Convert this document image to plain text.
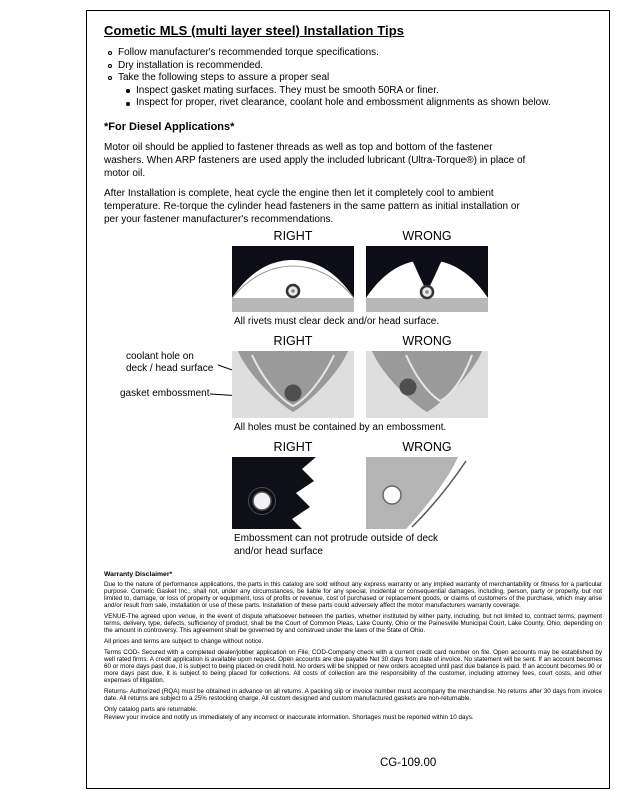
Cometic MLS (multi layer steel) Installation Tips
Follow manufacturer's recommended torque specifications.
Dry installation is recommended.
Take the following steps to assure a proper seal
Inspect gasket mating surfaces. They must be smooth 50RA or finer.
Inspect for proper, rivet clearance, coolant hole and embossment alignments as shown below.
*For Diesel Applications*

Motor oil should be applied to fastener threads as well as top and bottom of the fastener washers. When ARP fasteners are used apply the included lubricant (Ultra-Torque®) in place of motor oil.

After Installation is complete, heat cycle the engine then let it completely cool to ambient temperature. Re-torque the cylinder head fasteners in the same pattern as initial installation or per your fastener manufacturer's recommendations.

RIGHT	WRONG
All rivets must clear deck and/or head surface.
RIGHT	WRONG
coolant hole on
deck / head surface
gasket embossment
All holes must be contained by an embossment.
RIGHT	WRONG
Embossment can not protrude outside of deck
and/or head surface
Warranty Disclaimer*

Due to the nature of performance applications, the parts in this catalog are sold without any express warranty or any implied warranty of merchantability or fitness for a particular purpose. Cometic Gasket Inc., shall not, under any circumstances, be liable for any special, incidental or consequential damages, including, person, party or property, but not limited to, damage, or loss of property or equipment, loss of profits or revenue, cost of purchased or replacement goods, or claims of customers of the purchase, which may arise and/or result from sale, installation or use of these parts. Installation of these parts could adversely affect the motor manufacturers warranty coverage.

VENUE-The agreed upon venue, in the event of dispute whatsoever between the parties, whether instituted by either party, including, but not limited to, contract terms, payment terms, delivery, type, defects, sufficiency of product, shall be the Court of Common Pleas, Lake County, Ohio or the Painesville Municipal Court, Lake County, Ohio, depending on the amount in controversy. This agreement shall be governed by and construed under the laws of the State of Ohio.

All prices and terms are subject to change without notice.

Terms COD- Secured with a completed dealer/jobber application on File, COD-Company check with a current credit card number on file. Open accounts may be established by well rated firms. A credit application is available upon request. Open accounts are due payable Net 30 days from date of invoice. No statement will be sent. If an account becomes 60 or more days past due, it is subject to being placed on credit hold. No orders will be shipped or new orders accepted until past due balance is paid. If an account becomes 90 or more days past due, it is subject to being placed for collections. All costs of collection are the responsibility of the customer, including attorney fees, court costs, and other expenses of litigation.

Returns- Authorized (RQA) must be obtained in advance on all returns. A packing slip or invoice number must accompany the merchandise. No returns after 30 days from invoice date. All returns are subject to a 25% restocking charge. All custom designed and custom manufactured gaskets are non-returnable.

Only catalog parts are returnable.

Review your invoice and notify us immediately of any incorrect or inaccurate information. Shortages must be reported within 10 days.

CG-109.00
